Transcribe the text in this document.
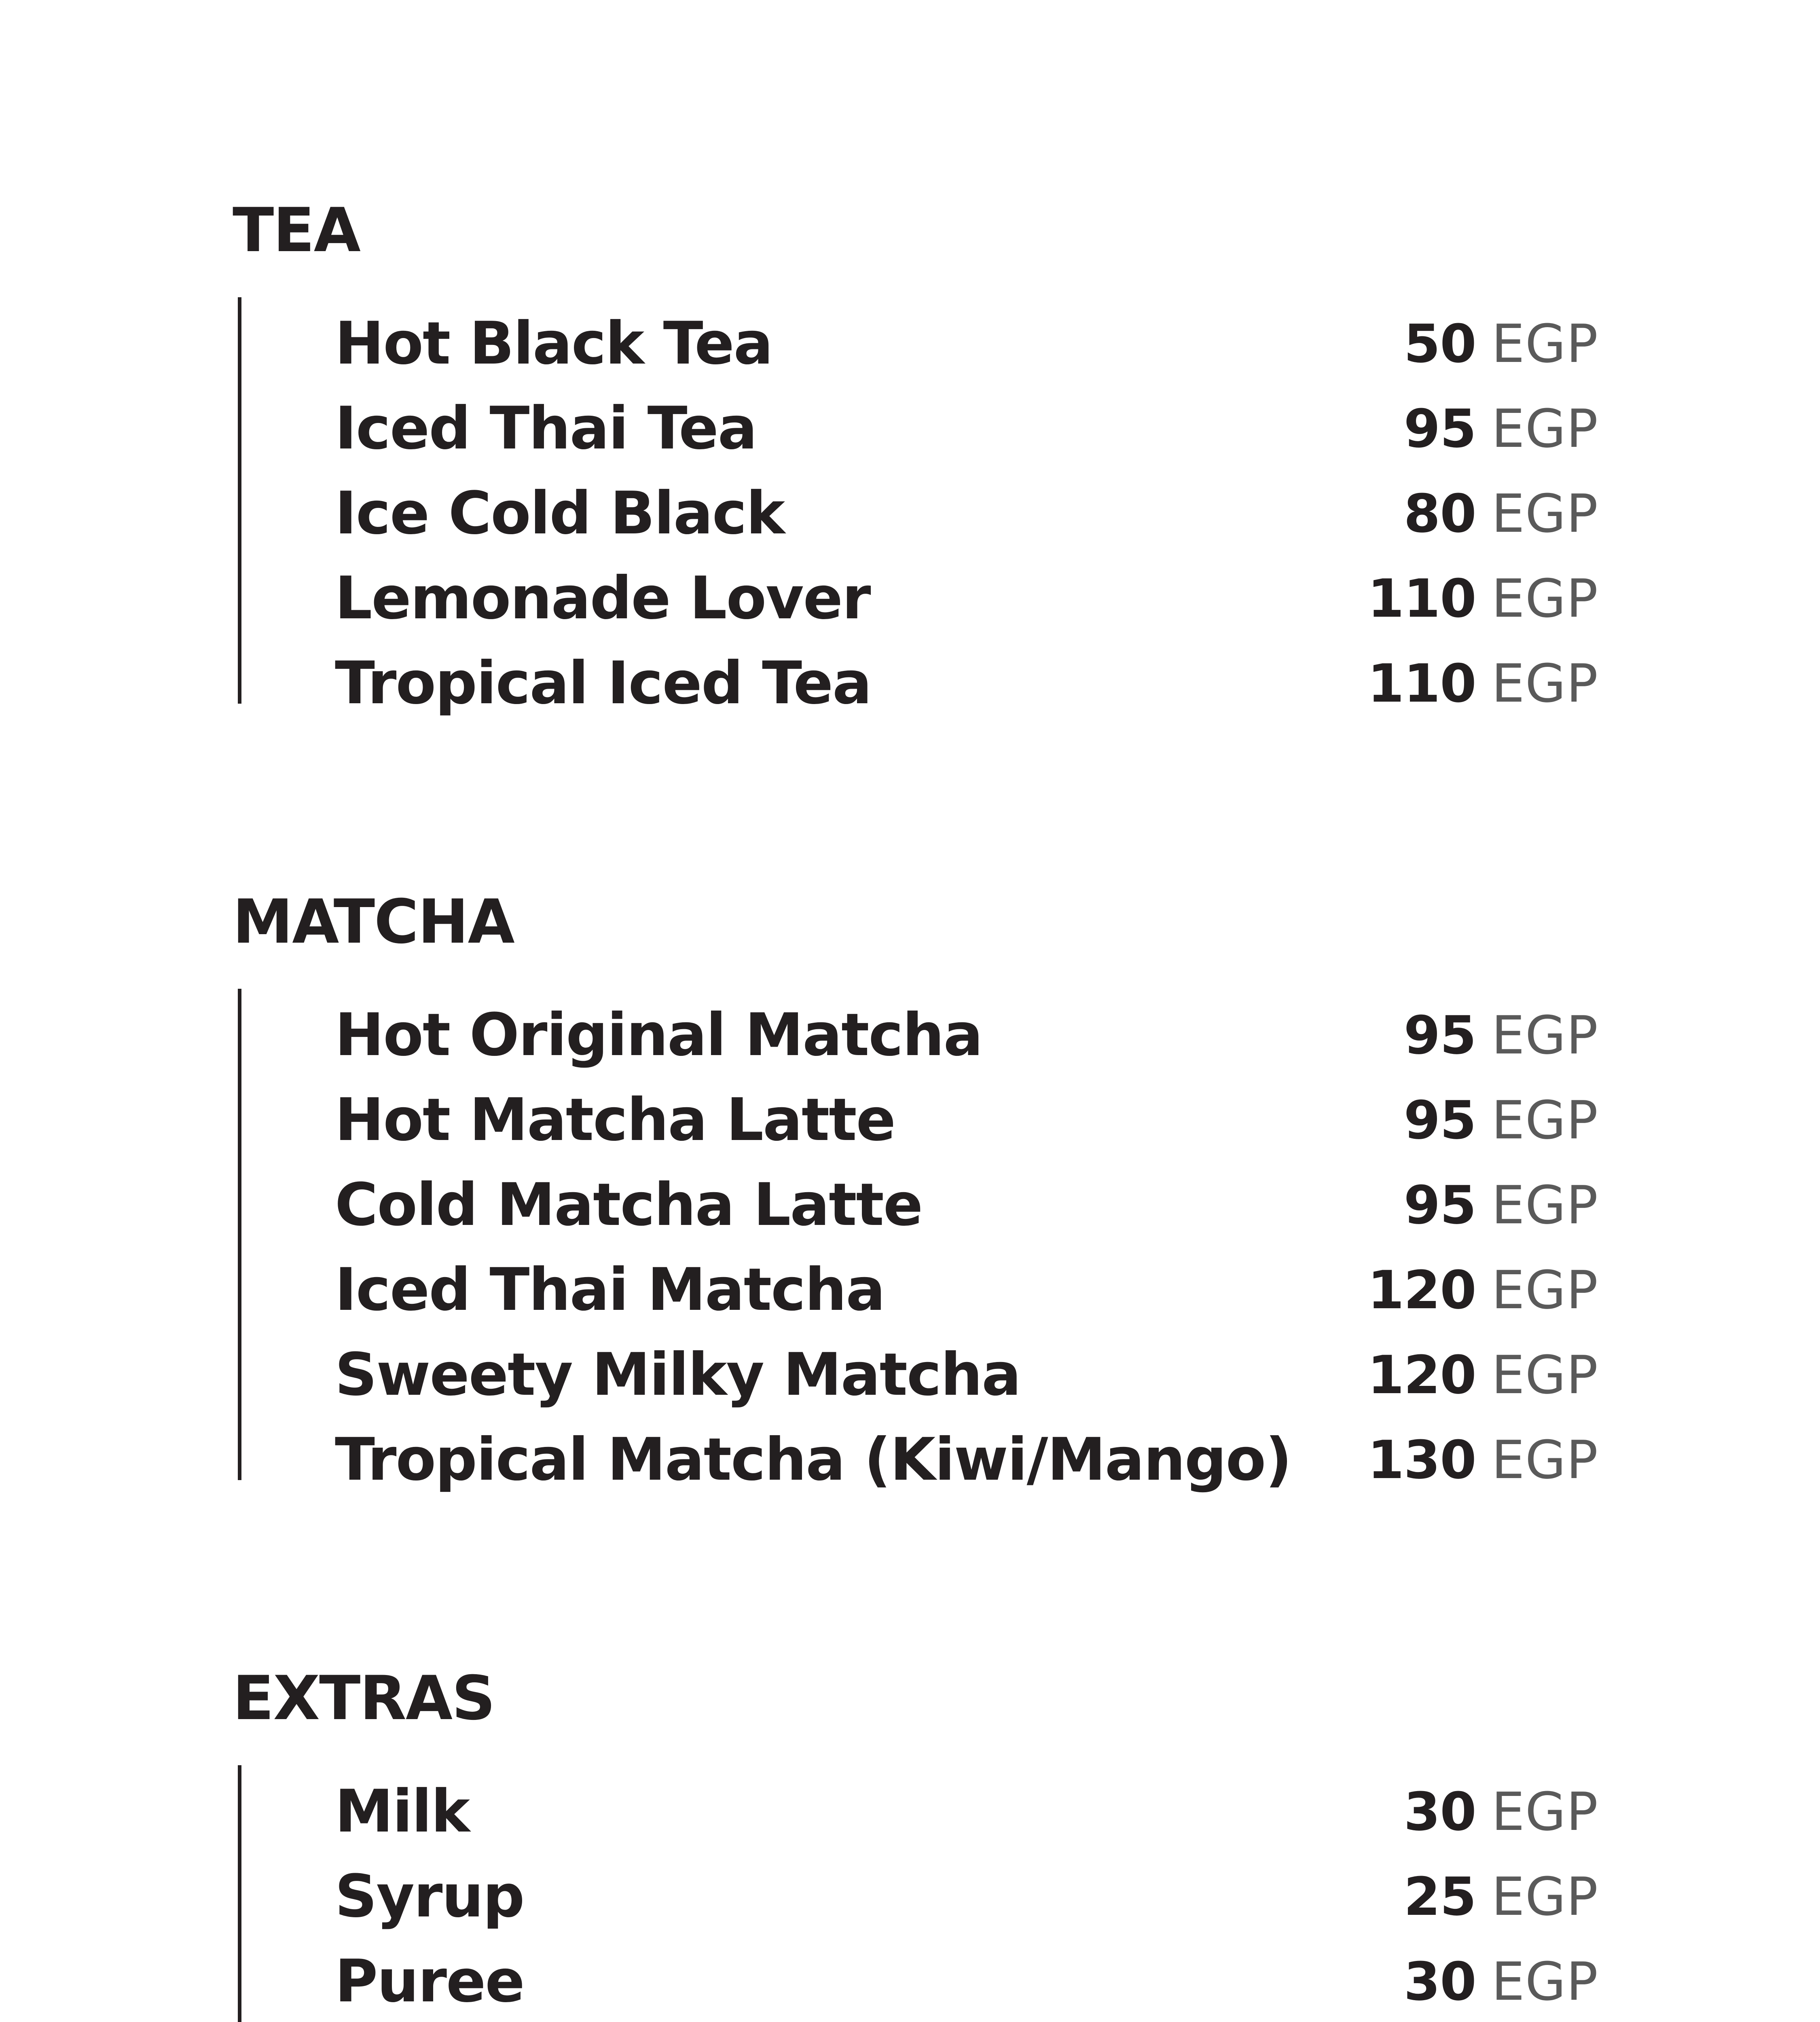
TEA
Hot Black Tea	50 EGP
Iced Thai Tea	95 EGP
Ice Cold Black	80 EGP
Lemonade Lover	110 EGP
Tropical Iced Tea	110 EGP
MATCHA
Hot Original Matcha	95 EGP
Hot Matcha Latte	95 EGP
Cold Matcha Latte	95 EGP
Iced Thai Matcha	120 EGP
Sweety Milky Matcha	120 EGP
Tropical Matcha (Kiwi/Mango) 130 EGP
EXTRAS
Milk	30 EGP
Syrup	25 EGP
Puree	30 EGP
